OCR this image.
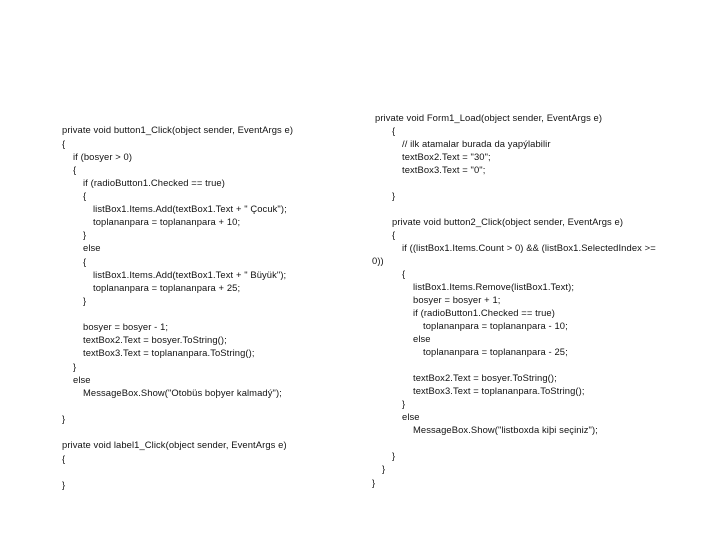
private void button1_Click(object sender, EventArgs e)
{
if (bosyer > 0)
{
if (radioButton1.Checked == true)
{
listBox1.Items.Add(textBox1.Text + " Çocuk");
toplananpara = toplananpara + 10;
}
else
{
listBox1.Items.Add(textBox1.Text + " Büyük");
toplananpara = toplananpara + 25;
}
bosyer = bosyer - 1;
textBox2.Text = bosyer.ToString();
textBox3.Text = toplananpara.ToString();
}
else
MessageBox.Show("Otobüs boþyer kalmadý");
}
private void label1_Click(object sender, EventArgs e)
{
}
private void Form1_Load(object sender, EventArgs e)
{
// ilk atamalar burada da yapýlabilir
textBox2.Text = "30";
textBox3.Text = "0";
}
private void button2_Click(object sender, EventArgs e)
{
if ((listBox1.Items.Count > 0) && (listBox1.SelectedIndex >=
0))
{
listBox1.Items.Remove(listBox1.Text);
bosyer = bosyer + 1;
if (radioButton1.Checked == true)
toplananpara = toplananpara - 10;
else
toplananpara = toplananpara - 25;
textBox2.Text = bosyer.ToString();
textBox3.Text = toplananpara.ToString();
}
else
MessageBox.Show("listboxda kiþi seçiniz");
}
}
}
